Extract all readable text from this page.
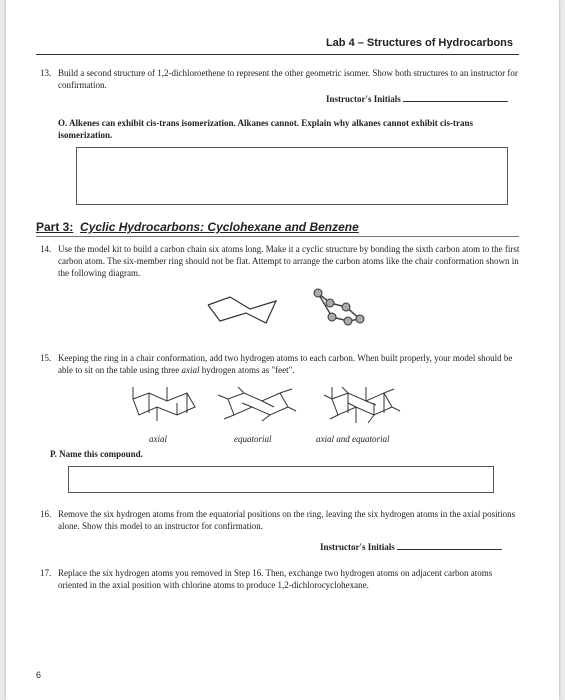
Lab 4 – Structures of Hydrocarbons
13. Build a second structure of 1,2-dichloroethene to represent the other geometric isomer. Show both structures to an instructor for confirmation.
Instructor's Initials
O. Alkenes can exhibit cis-trans isomerization. Alkanes cannot. Explain why alkanes cannot exhibit cis-trans isomerization.
Part 3: Cyclic Hydrocarbons: Cyclohexane and Benzene
14. Use the model kit to build a carbon chain six atoms long. Make it a cyclic structure by bonding the sixth carbon atom to the first carbon atom. The six-member ring should not be flat. Attempt to arrange the carbon atoms like the chair conformation shown in the following diagram.
15. Keeping the ring in a chair conformation, add two hydrogen atoms to each carbon. When built properly, your model should be able to sit on the table using three axial hydrogen atoms as "feet".
axial	equatorial	axial and equatorial
P. Name this compound.
16. Remove the six hydrogen atoms from the equatorial positions on the ring, leaving the six hydrogen atoms in the axial positions alone. Show this model to an instructor for confirmation.
Instructor's Initials
17. Replace the six hydrogen atoms you removed in Step 16. Then, exchange two hydrogen atoms on adjacent carbon atoms oriented in the axial position with chlorine atoms to produce 1,2-dichlorocyclohexane.
6
